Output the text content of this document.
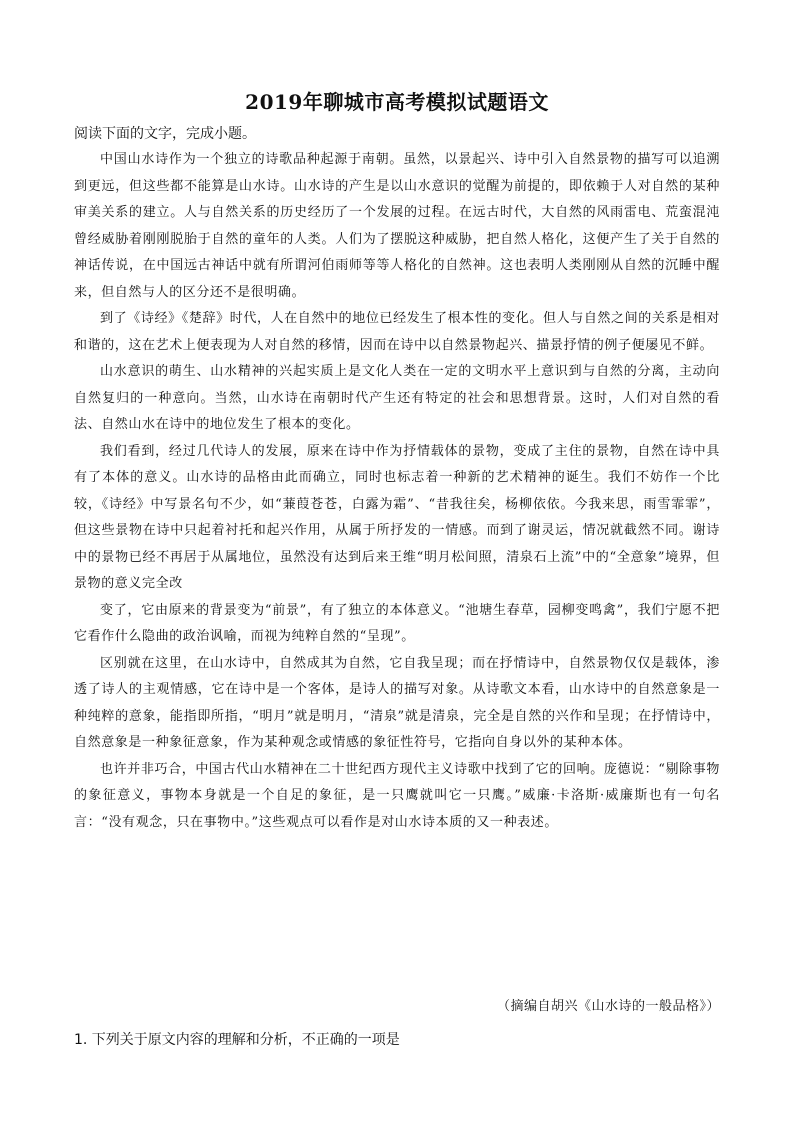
2019年聊城市高考模拟试题语文
阅读下面的文字，完成小题。

中国山水诗作为一个独立的诗歌品种起源于南朝。虽然，以景起兴、诗中引入自然景物的描写可以追溯到更远，但这些都不能算是山水诗。山水诗的产生是以山水意识的觉醒为前提的，即依赖于人对自然的某种审美关系的建立。人与自然关系的历史经历了一个发展的过程。在远古时代，大自然的风雨雷电、荒蛮混沌曾经威胁着刚刚脱胎于自然的童年的人类。人们为了摆脱这种威胁，把自然人格化，这便产生了关于自然的神话传说，在中国远古神话中就有所谓河伯雨师等等人格化的自然神。这也表明人类刚刚从自然的沉睡中醒来，但自然与人的区分还不是很明确。

到了《诗经》《楚辞》时代，人在自然中的地位已经发生了根本性的变化。但人与自然之间的关系是相对和谐的，这在艺术上便表现为人对自然的移情，因而在诗中以自然景物起兴、描景抒情的例子便屡见不鲜。

山水意识的萌生、山水精神的兴起实质上是文化人类在一定的文明水平上意识到与自然的分离，主动向自然复归的一种意向。当然，山水诗在南朝时代产生还有特定的社会和思想背景。这时，人们对自然的看法、自然山水在诗中的地位发生了根本的变化。

我们看到，经过几代诗人的发展，原来在诗中作为抒情载体的景物，变成了主住的景物，自然在诗中具有了本体的意义。山水诗的品格由此而确立，同时也标志着一种新的艺术精神的诞生。我们不妨作一个比较，《诗经》中写景名句不少，如“蒹葭苍苍，白露为霜”、“昔我往矣，杨柳依依。今我来思，雨雪霏霏”，但这些景物在诗中只起着衬托和起兴作用，从属于所抒发的一情感。而到了谢灵运，情况就截然不同。谢诗中的景物已经不再居于从属地位，虽然没有达到后来王维“明月松间照，清泉石上流”中的“全意象”境界，但景物的意义完全改

变了，它由原来的背景变为“前景”，有了独立的本体意义。“池塘生春草，园柳变鸣禽”，我们宁愿不把它看作什么隐曲的政治讽喻，而视为纯粹自然的“呈现”。

区别就在这里，在山水诗中，自然成其为自然，它自我呈现；而在抒情诗中，自然景物仅仅是载体，渗透了诗人的主观情感，它在诗中是一个客体，是诗人的描写对象。从诗歌文本看，山水诗中的自然意象是一种纯粹的意象，能指即所指，“明月”就是明月，“清泉”就是清泉，完全是自然的兴作和呈现；在抒情诗中，自然意象是一种象征意象，作为某种观念或情感的象征性符号，它指向自身以外的某种本体。

也许并非巧合，中国古代山水精神在二十世纪西方现代主义诗歌中找到了它的回响。庞德说：“剔除事物的象征意义，事物本身就是一个自足的象征，是一只鹰就叫它一只鹰。”威廉·卡洛斯·威廉斯也有一句名言：“没有观念，只在事物中。”这些观点可以看作是对山水诗本质的又一种表述。

（摘编自胡兴《山水诗的一般品格》）
1. 下列关于原文内容的理解和分析，不正确的一项是
